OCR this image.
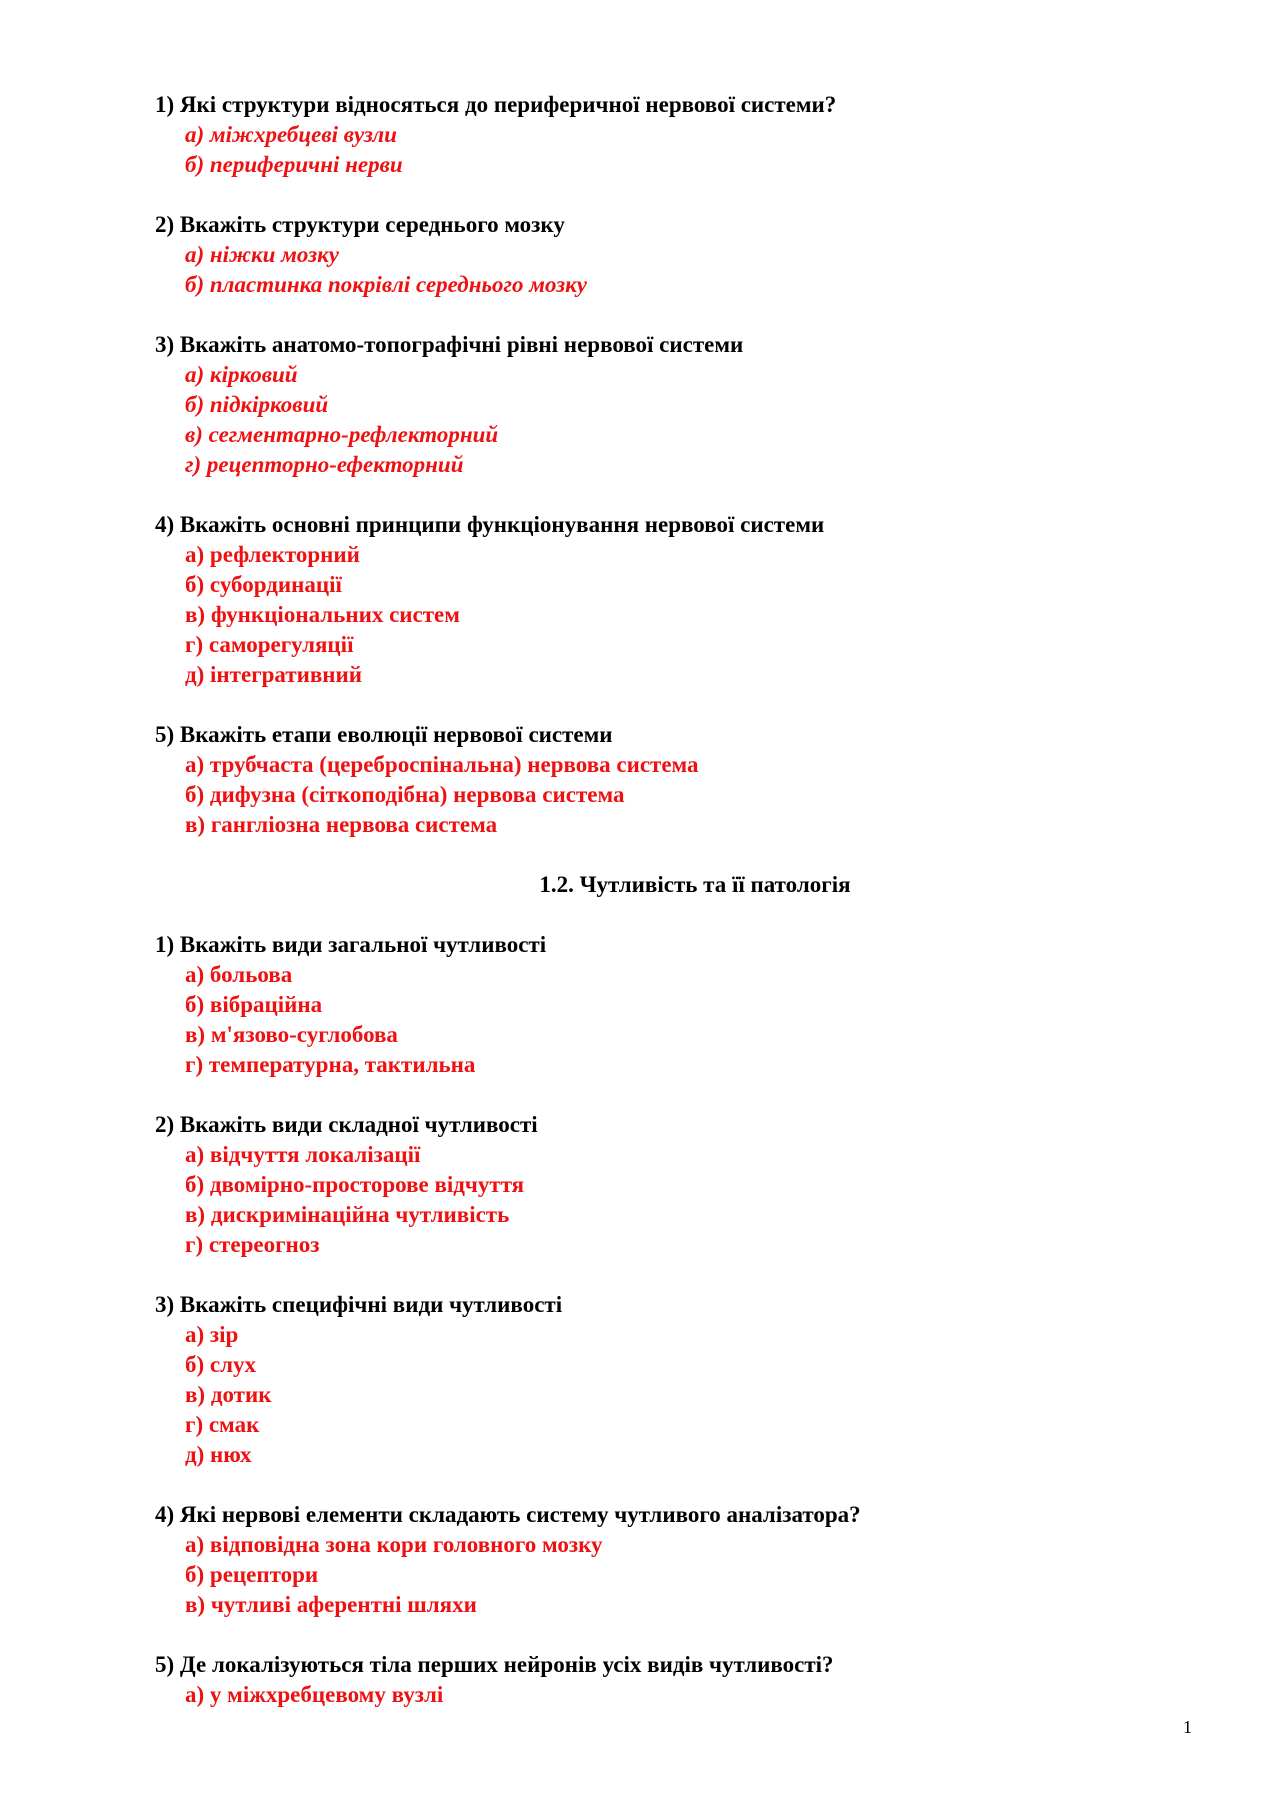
1) Які структури відносяться до периферичної нервової системи?
а) міжхребцеві вузли
б) периферичні нерви
2) Вкажіть структури середнього мозку
а) ніжки мозку
б) пластинка покрівлі середнього мозку
3) Вкажіть анатомо-топографічні рівні нервової системи
а) кірковий
б) підкірковий
в) сегментарно-рефлекторний
г) рецепторно-ефекторний
4) Вкажіть основні принципи функціонування нервової системи
а) рефлекторний
б) субординації
в) функціональних систем
г) саморегуляції
д) інтегративний
5) Вкажіть етапи еволюції нервової системи
а) трубчаста (цереброспінальна) нервова система
б) дифузна (сіткоподібна) нервова система
в) гангліозна нервова система
1.2. Чутливість та її патологія
1) Вкажіть види загальної чутливості
а) больова
б) вібраційна
в) м'язово-суглобова
г) температурна, тактильна
2) Вкажіть види складної чутливості
а) відчуття локалізації
б) двомірно-просторове відчуття
в) дискримінаційна чутливість
г) стереогноз
3) Вкажіть специфічні види чутливості
а) зір
б) слух
в) дотик
г) смак
д) нюх
4) Які нервові елементи складають систему чутливого аналізатора?
а) відповідна зона кори головного мозку
б) рецептори
в) чутливі аферентні шляхи
5) Де локалізуються тіла перших нейронів усіх видів чутливості?
а) у міжхребцевому вузлі
1
